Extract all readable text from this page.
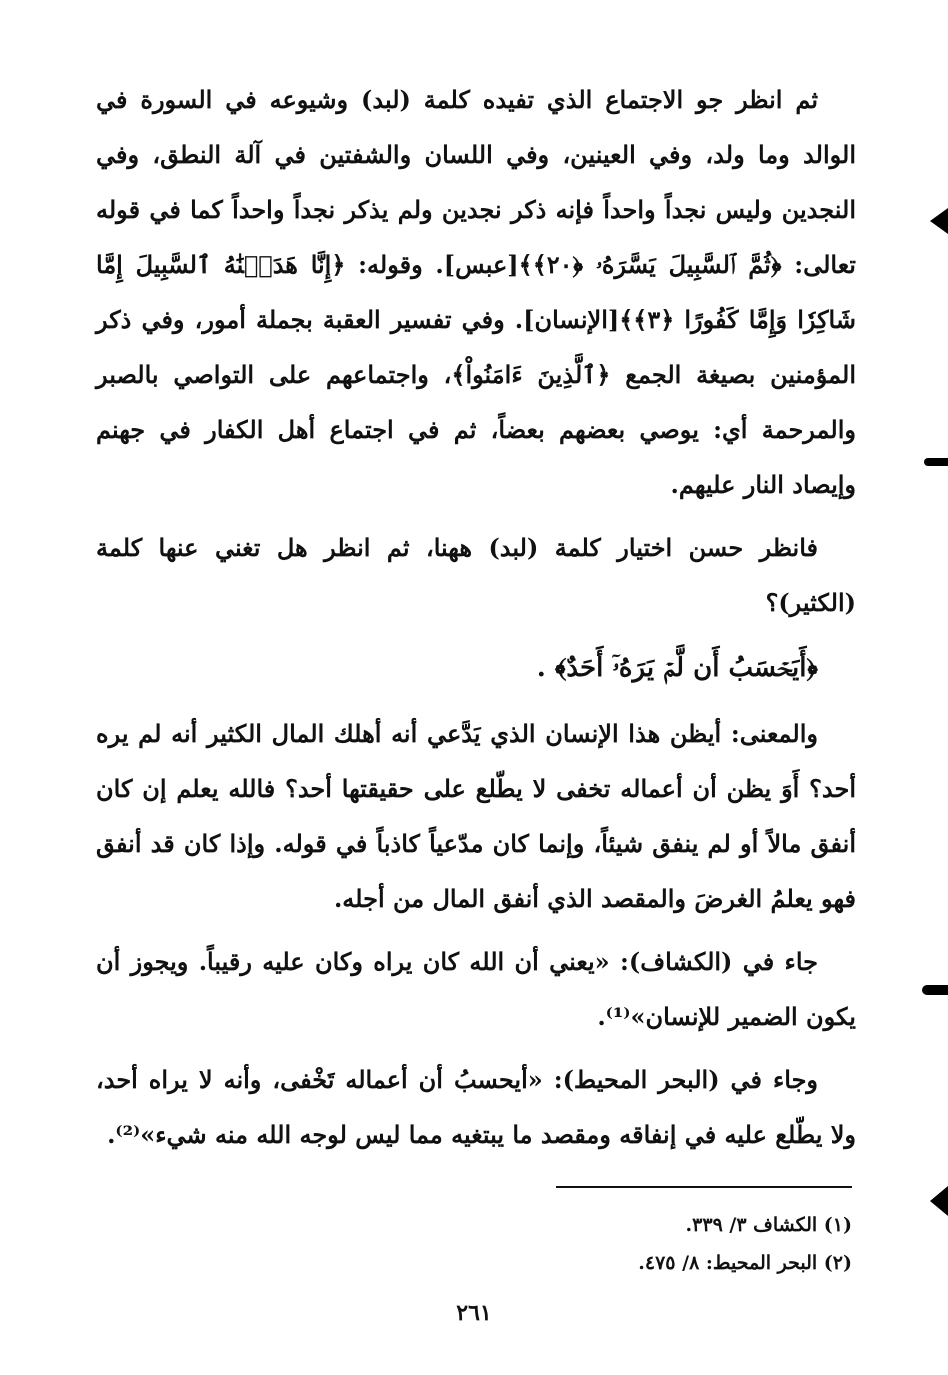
ثم انظر جو الاجتماع الذي تفيده كلمة (لبد) وشيوعه في السورة في الوالد وما ولد، وفي العينين، وفي اللسان والشفتين في آلة النطق، وفي النجدين وليس نجداً واحداً فإنه ذكر نجدين ولم يذكر نجداً واحداً كما في قوله تعالى: ﴿ثُمَّ ٱلسَّبِيلَ يَسَّرَهُۥ ﴿٢٠﴾﴾[عبس]. وقوله: ﴿إِنَّا هَدَيۡنَٰهُ ٱلسَّبِيلَ إِمَّا شَاكِرٗا وَإِمَّا كَفُورًا ﴿٣﴾﴾[الإنسان]. وفي تفسير العقبة بجملة أمور، وفي ذكر المؤمنين بصيغة الجمع ﴿ٱلَّذِينَ ءَامَنُواْ﴾، واجتماعهم على التواصي بالصبر والمرحمة أي: يوصي بعضهم بعضاً، ثم في اجتماع أهل الكفار في جهنم وإيصاد النار عليهم.

فانظر حسن اختيار كلمة (لبد) ههنا، ثم انظر هل تغني عنها كلمة (الكثير)؟

﴿أَيَحۡسَبُ أَن لَّمۡ يَرَهُۥٓ أَحَدٌ﴾ .

والمعنى: أيظن هذا الإنسان الذي يَدَّعي أنه أهلك المال الكثير أنه لم يره أحد؟ أَوَ يظن أن أعماله تخفى لا يطّلع على حقيقتها أحد؟ فالله يعلم إن كان أنفق مالاً أو لم ينفق شيئاً، وإنما كان مدّعياً كاذباً في قوله. وإذا كان قد أنفق فهو يعلمُ الغرضَ والمقصد الذي أنفق المال من أجله.

جاء في (الكشاف): «يعني أن الله كان يراه وكان عليه رقيباً. ويجوز أن يكون الضمير للإنسان»⁽¹⁾.

وجاء في (البحر المحيط): «أيحسبُ أن أعماله تَخْفى، وأنه لا يراه أحد، ولا يطّلع عليه في إنفاقه ومقصد ما يبتغيه مما ليس لوجه الله منه شيء»⁽²⁾.

(١) الكشاف ٣/ ٣٣٩.
(٢) البحر المحيط: ٨/ ٤٧٥.
٢٦١
